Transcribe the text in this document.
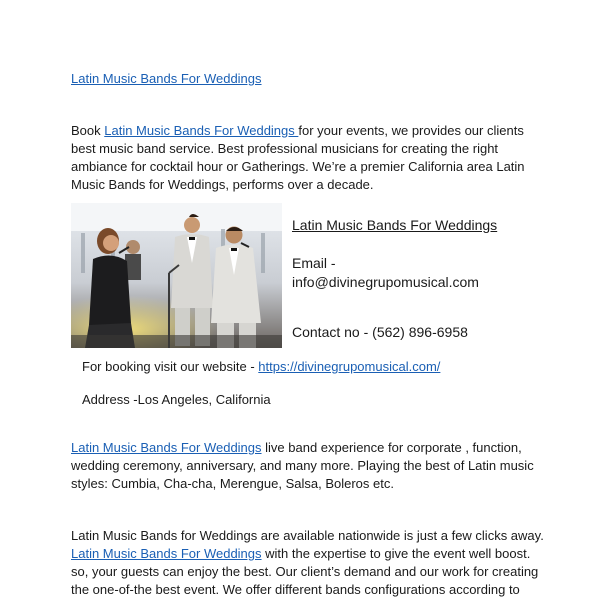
Latin Music Bands For Weddings
Book Latin Music Bands For Weddings for your events, we provides our clients
best music band service. Best professional musicians for creating the right
ambiance for cocktail hour or Gatherings. We’re a premier California area Latin
Music Bands for Weddings, performs over a decade.
Latin Music Bands For Weddings
Email -
info@divinegrupomusical.com
Contact no - (562) 896-6958
For booking visit our website - https://divinegrupomusical.com/
Address -Los Angeles, California
Latin Music Bands For Weddings live band experience for corporate , function,
wedding ceremony, anniversary, and many more. Playing the best of Latin music
styles: Cumbia, Cha-cha, Merengue, Salsa, Boleros etc.
Latin Music Bands for Weddings are available nationwide is just a few clicks away.
Latin Music Bands For Weddings with the expertise to give the event well boost.
so, your guests can enjoy the best. Our client’s demand and our work for creating
the one-of-the best event. We offer different bands configurations according to
